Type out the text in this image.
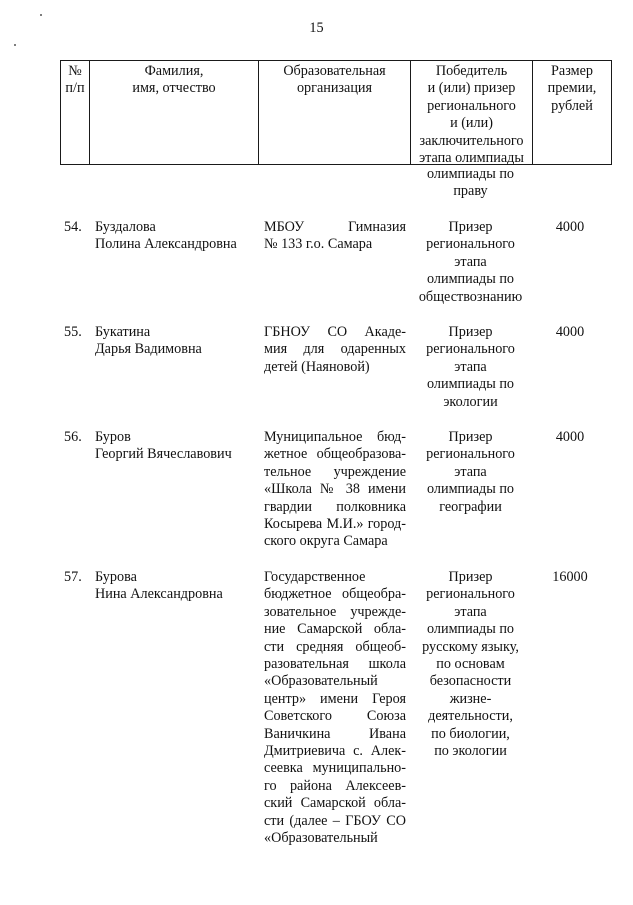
15
№
п/п
Фамилия,
имя, отчество
Образовательная
организация
Победитель
и (или) призер
регионального
и (или)
заключительного
этапа олимпиады
Размер
премии,
рублей
олимпиады по
праву
54. Буздалова
Полина Александровна
МБОУ Гимназия
№ 133 г.о. Самара
Призер
регионального
этапа
олимпиады по
обществознанию
4000
55. Букатина
Дарья Вадимовна
ГБНОУ СО Акаде-
мия для одаренных
детей (Наяновой)
Призер
регионального
этапа
олимпиады по
экологии
4000
56. Буров
Георгий Вячеславович
Муниципальное бюд-
жетное общеобразова-
тельное учреждение
«Школа № 38 имени
гвардии полковника
Косырева М.И.» город-
ского округа Самара
Призер
регионального
этапа
олимпиады по
географии
4000
57. Бурова
Нина Александровна
Государственное
бюджетное общеобра-
зовательное учрежде-
ние Самарской обла-
сти средняя общеоб-
разовательная школа
«Образовательный
центр» имени Героя
Советского Союза
Ваничкина Ивана
Дмитриевича с. Алек-
сеевка муниципально-
го района Алексеев-
ский Самарской обла-
сти (далее – ГБОУ СО
«Образовательный
Призер
регионального
этапа
олимпиады по
русскому языку,
по основам
безопасности
жизне-
деятельности,
по биологии,
по экологии
16000
